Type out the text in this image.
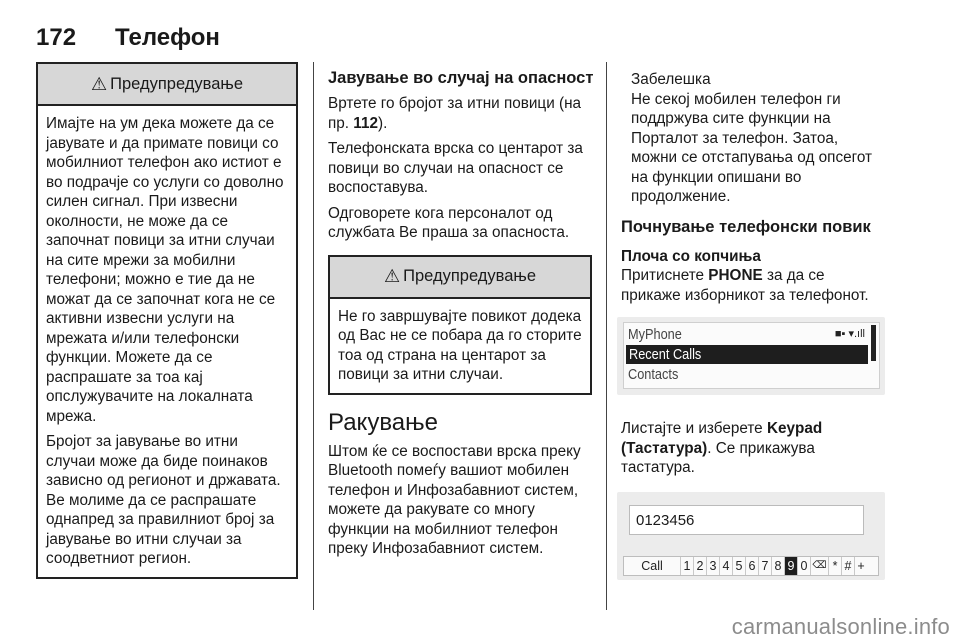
172 Телефон
⚠ Предупредување

Имајте на ум дека можете да се јавувате и да примате повици со мобилниот телефон ако истиот е во подрачје со услуги со доволно силен сигнал. При извесни околности, не може да се започнат повици за итни случаи на сите мрежи за мобилни телефони; можно е тие да не можат да се започнат кога не се активни извесни услуги на мрежата и/или телефонски функции. Можете да се распрашате за тоа кај опслужувачите на локалната мрежа.

Бројот за јавување во итни случаи може да биде поинаков зависно од регионот и државата. Ве молиме да се распрашате однапред за правилниот број за јавување во итни случаи за соодветниот регион.

Јавување во случај на опасност

Вртете го бројот за итни повици (на пр. 112).

Телефонската врска со центарот за повици во случаи на опасност се воспоставува.

Одговорете кога персоналот од службата Ве праша за опасноста.

⚠ Предупредување

Не го завршувајте повикот додека од Вас не се побара да го сторите тоа од страна на центарот за повици за итни случаи.

Ракување

Штом ќе се воспостави врска преку Bluetooth помеѓу вашиот мобилен телефон и Инфозабавниот систем, можете да ракувате со многу функции на мобилниот телефон преку Инфозабавниот систем.

Забелешка

Не секој мобилен телефон ги поддржува сите функции на Порталот за телефон. Затоа, можни се отстапувања од опсегот на функции опишани во продолжение.

Почнување телефонски повик
Плоча со копчиња

Притиснете PHONE за да се прикаже изборникот за телефонот.

MyPhone	■▪ ▾.ıll
Recent Calls
Contacts

Листајте и изберете Keypad (Тастатура). Се прикажува тастатура.

0123456
Call	1 2 3 4 5 6 7 8 9 0 ⌫ * # +
carmanualsonline.info
